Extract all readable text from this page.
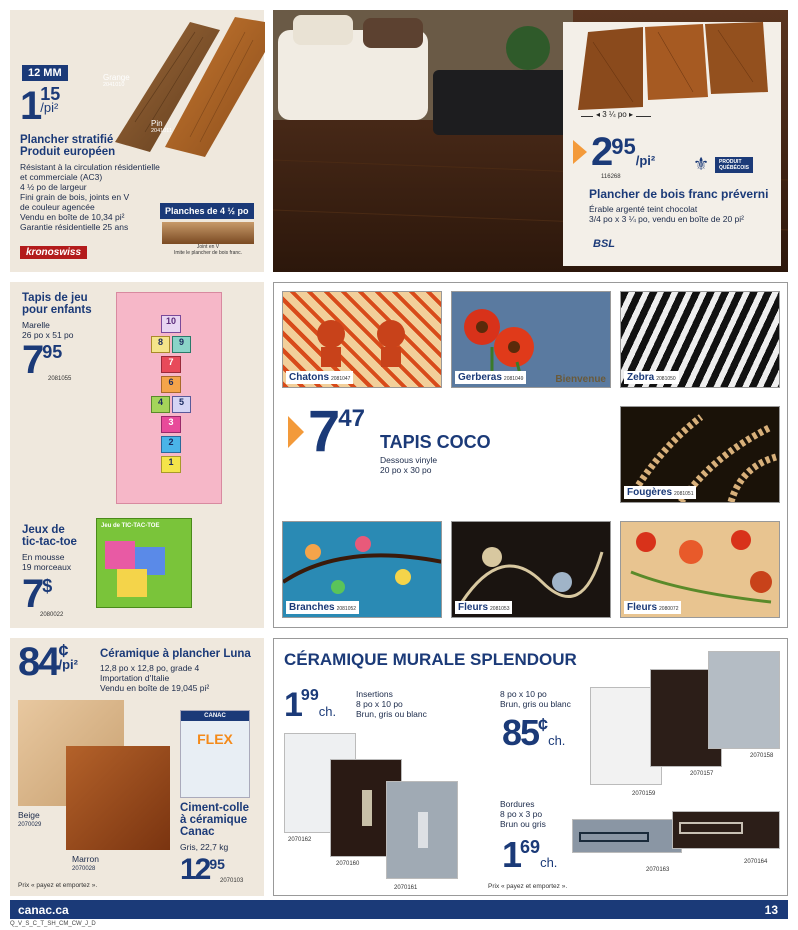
12 MM	Grange
2041010
Pin
2041011
1 15
/pi²
Plancher stratifié
Produit européen
Résistant à la circulation résidentielle
et commerciale (AC3)
4 ½ po de largeur
Fini grain de bois, joints en V
de couleur agencée
Vendu en boîte de 10,34 pi²
Garantie résidentielle 25 ans
kronoswiss
Planches de 4 ½ po
Joint en V
Imite le plancher de bois franc.
◂ 3 ¼ po ▸
295/pi²
116268
⚜ PRODUIT
QUÉBÉCOIS
Plancher de bois franc préverni
Érable argenté teint chocolat
3/4 po x 3 ¼ po, vendu en boîte de 20 pi²
BSL
Tapis de jeu
pour enfants
Marelle
26 po x 51 po
795
2081055
10
8	9
7
6
4	5
3
2
1
Jeux de
tic-tac-toe
En mousse
19 morceaux
7$
2080022
Jeu de TIC-TAC-TOE
Chatons 2081047	Bienvenue
Gerberas 2081049	Zebra 2081050
747
TAPIS COCO
Dessous vinyle
20 po x 30 po
Fougères 2081051
Branches 2081052	Fleurs 2081053	Fleurs 2080072
84 ¢
/pi²
Céramique à plancher Luna
12,8 po x 12,8 po, grade 4
Importation d'Italie
Vendu en boîte de 19,045 pi²
Beige
2070029
Marron
2070028
Prix « payez et emportez ».
CANAC
FLEX
Ciment-colle
à céramique
Canac
Gris, 22,7 kg
1295
2070103
CÉRAMIQUE MURALE SPLENDOUR
199ch.
Insertions
8 po x 10 po
Brun, gris ou blanc
2070162
2070160
2070161
8 po x 10 po
Brun, gris ou blanc
85¢ch.
2070159
2070157
2070158
Bordures
8 po x 3 po
Brun ou gris
169ch.	2070163
2070164
Prix « payez et emportez ».
canac.ca	13
Q_V_S_C_T_SH_CM_CW_J_D
